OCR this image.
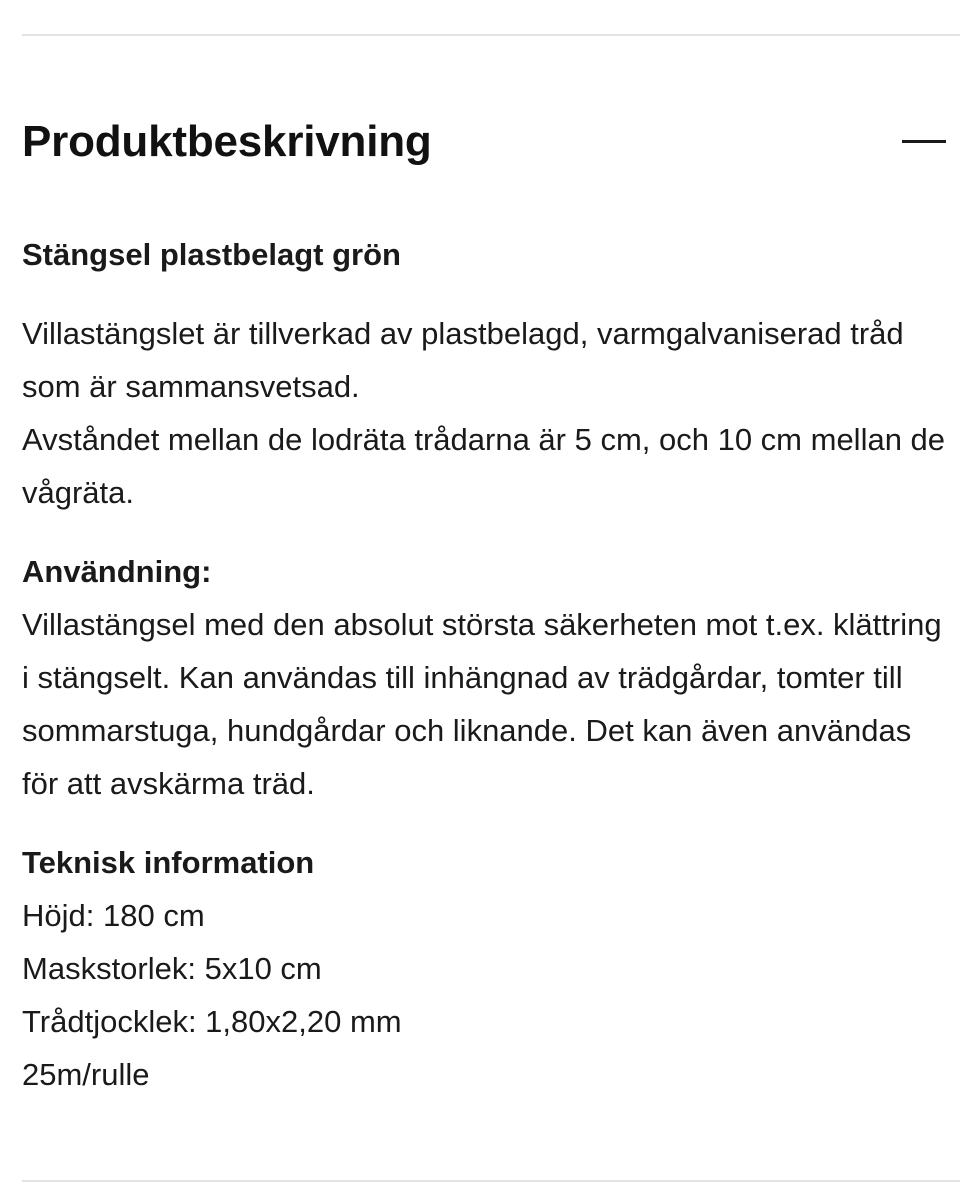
Produktbeskrivning

Stängsel plastbelagt grön

Villastängslet är tillverkad av plastbelagd, varmgalvaniserad tråd som är sammansvetsad.

Avståndet mellan de lodräta trådarna är 5 cm, och 10 cm mellan de vågräta.

Användning:

Villastängsel med den absolut största säkerheten mot t.ex. klättring i stängselt. Kan användas till inhängnad av trädgårdar, tomter till sommarstuga, hundgårdar och liknande. Det kan även användas för att avskärma träd.

Teknisk information

Höjd: 180 cm

Maskstorlek: 5x10 cm

Trådtjocklek: 1,80x2,20 mm

25m/rulle
